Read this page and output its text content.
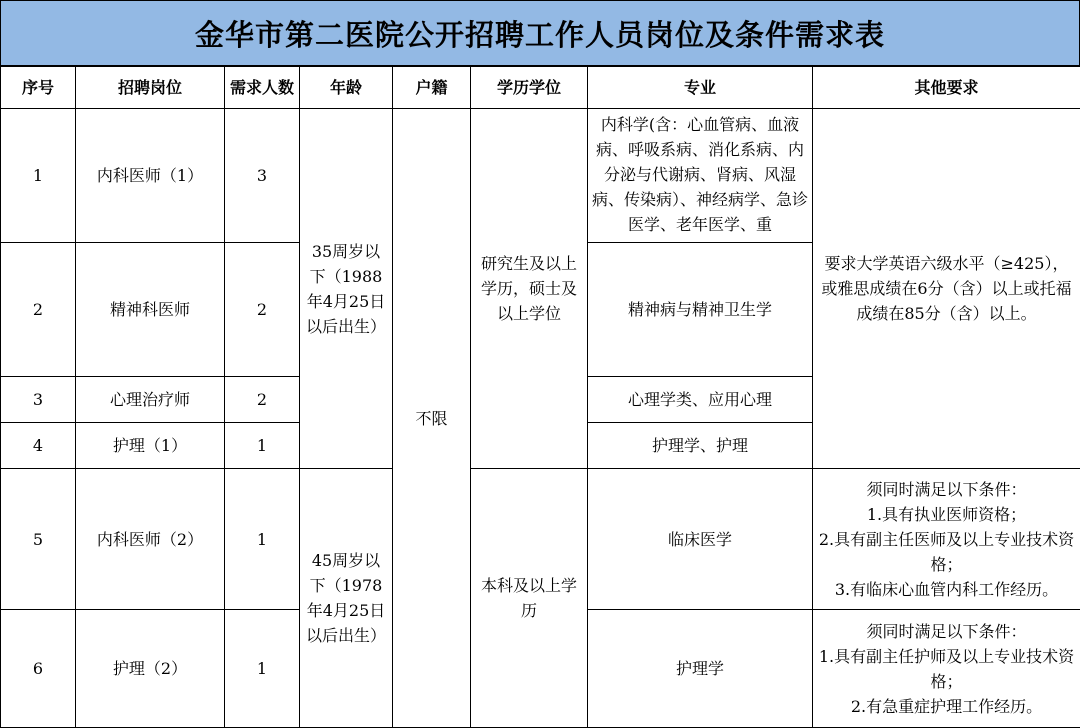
金华市第二医院公开招聘工作人员岗位及条件需求表
序号	招聘岗位	需求人数	年龄	户籍	学历学位	专业	其他要求
1	内科医师（1）	3	35周岁以下（1988年4月25日以后出生）	不限	研究生及以上学历，硕士及以上学位	内科学(含：心血管病、血液病、呼吸系病、消化系病、内分泌与代谢病、肾病、风湿病、传染病）、神经病学、急诊医学、老年医学、重	要求大学英语六级水平（≥425），或雅思成绩在6分（含）以上或托福成绩在85分（含）以上。
2	精神科医师	2				精神病与精神卫生学	
3	心理治疗师	2				心理学类、应用心理	
4	护理（1）	1				护理学、护理	
5	内科医师（2）	1	45周岁以下（1978年4月25日以后出生）		本科及以上学历	临床医学	须同时满足以下条件：
1.具有执业医师资格；
2.具有副主任医师及以上专业技术资格；
3.有临床心血管内科工作经历。

6	护理（2）	1				护理学	须同时满足以下条件：
1.具有副主任护师及以上专业技术资格；
2.有急重症护理工作经历。
